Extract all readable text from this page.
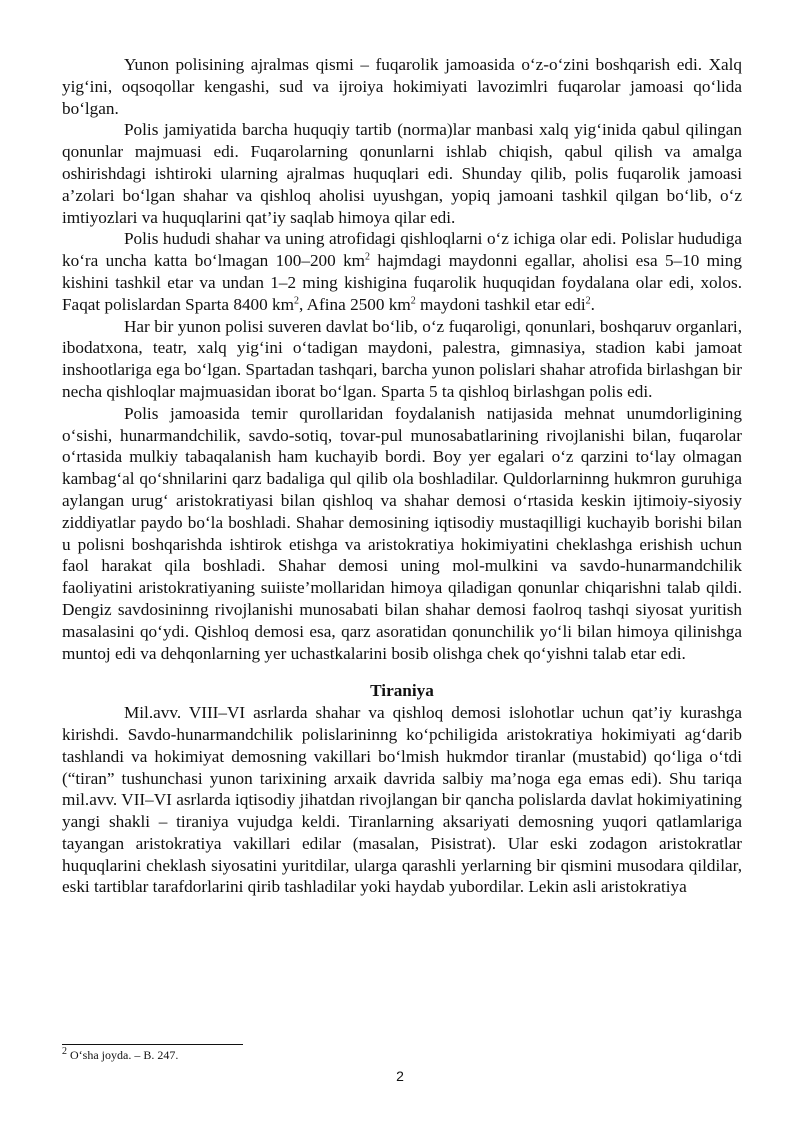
Yunon polisining ajralmas qismi – fuqarolik jamoasida oʻz-oʻzini boshqarish edi. Xalq yigʻini, oqsoqollar kengashi, sud va ijroiya hokimiyati lavozimlri fuqarolar jamoasi qoʻlida boʻlgan.

Polis jamiyatida barcha huquqiy tartib (norma)lar manbasi xalq yigʻinida qabul qilingan qonunlar majmuasi edi. Fuqarolarning qonunlarni ishlab chiqish, qabul qilish va amalga oshirishdagi ishtiroki ularning ajralmas huquqlari edi. Shunday qilib, polis fuqarolik jamoasi a’zolari boʻlgan shahar va qishloq aholisi uyushgan, yopiq jamoani tashkil qilgan boʻlib, oʻz imtiyozlari va huquqlarini qat’iy saqlab himoya qilar edi.

Polis hududi shahar va uning atrofidagi qishloqlarni oʻz ichiga olar edi. Polislar hududiga koʻra uncha katta boʻlmagan 100–200 $km^2$ hajmdagi maydonni egallar, aholisi esa 5–10 ming kishini tashkil etar va undan 1–2 ming kishigina fuqarolik huquqidan foydalana olar edi, xolos. Faqat polislardan Sparta 8400 $km^2$, Afina 2500 $km^2$ maydoni tashkil etar edi$^2$.

Har bir yunon polisi suveren davlat boʻlib, oʻz fuqaroligi, qonunlari, boshqaruv organlari, ibodatxona, teatr, xalq yigʻini oʻtadigan maydoni, palestra, gimnasiya, stadion kabi jamoat inshootlariga ega boʻlgan. Spartadan tashqari, barcha yunon polislari shahar atrofida birlashgan bir necha qishloqlar majmuasidan iborat boʻlgan. Sparta 5 ta qishloq birlashgan polis edi.

Polis jamoasida temir qurollaridan foydalanish natijasida mehnat unumdorligining oʻsishi, hunarmandchilik, savdo-sotiq, tovar-pul munosabatlarining rivojlanishi bilan, fuqarolar oʻrtasida mulkiy tabaqalanish ham kuchayib bordi. Boy yer egalari oʻz qarzini toʻlay olmagan kambagʻal qoʻshnilarini qarz badaliga qul qilib ola boshladilar. Quldorlarninng hukmron guruhiga aylangan urugʻ aristokratiyasi bilan qishloq va shahar demosi oʻrtasida keskin ijtimoiy-siyosiy ziddiyatlar paydo boʻla boshladi. Shahar demosining iqtisodiy mustaqilligi kuchayib borishi bilan u polisni boshqarishda ishtirok etishga va aristokratiya hokimiyatini cheklashga erishish uchun faol harakat qila boshladi. Shahar demosi uning mol-mulkini va savdo-hunarmandchilik faoliyatini aristokratiyaning suiiste’mollaridan himoya qiladigan qonunlar chiqarishni talab qildi. Dengiz savdosininng rivojlanishi munosabati bilan shahar demosi faolroq tashqi siyosat yuritish masalasini qoʻydi. Qishloq demosi esa, qarz asoratidan qonunchilik yoʻli bilan himoya qilinishga muntoj edi va dehqonlarning yer uchastkalarini bosib olishga chek qoʻyishni talab etar edi.

Tiraniya

Mil.avv. VIII–VI asrlarda shahar va qishloq demosi islohotlar uchun qat’iy kurashga kirishdi. Savdo-hunarmandchilik polislarininng koʻpchiligida aristokratiya hokimiyati agʻdarib tashlandi va hokimiyat demosning vakillari boʻlmish hukmdor tiranlar (mustabid) qoʻliga oʻtdi (“tiran” tushunchasi yunon tarixining arxaik davrida salbiy ma’noga ega emas edi). Shu tariqa mil.avv. VII–VI asrlarda iqtisodiy jihatdan rivojlangan bir qancha polislarda davlat hokimiyatining yangi shakli – tiraniya vujudga keldi. Tiranlarning aksariyati demosning yuqori qatlamlariga tayangan aristokratiya vakillari edilar (masalan, Pisistrat). Ular eski zodagon aristokratlar huquqlarini cheklash siyosatini yuritdilar, ularga qarashli yerlarning bir qismini musodara qildilar, eski tartiblar tarafdorlarini qirib tashladilar yoki haydab yubordilar. Lekin asli aristokratiya

$^2$ Oʻsha joyda. – B. 247.
2
